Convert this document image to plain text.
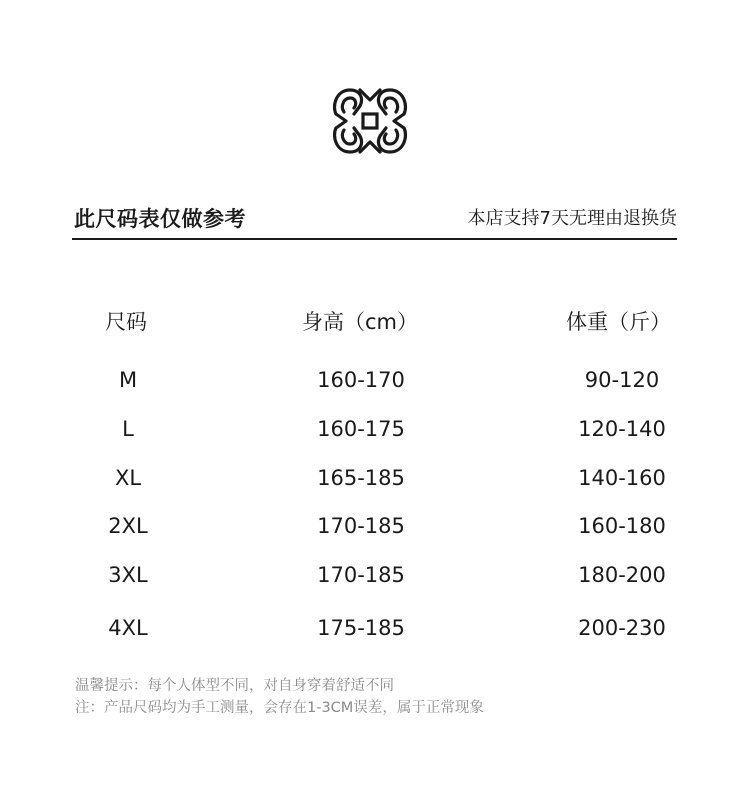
此尺码表仅做参考	本店支持7天无理由退换货
尺码	身高（cm）	体重（斤）
M	160-170	90-120
L	160-175	120-140
XL	165-185	140-160
2XL	170-185	160-180
3XL	170-185	180-200
4XL	175-185	200-230
温馨提示：每个人体型不同，对自身穿着舒适不同
注：产品尺码均为手工测量，会存在1-3CM误差，属于正常现象
